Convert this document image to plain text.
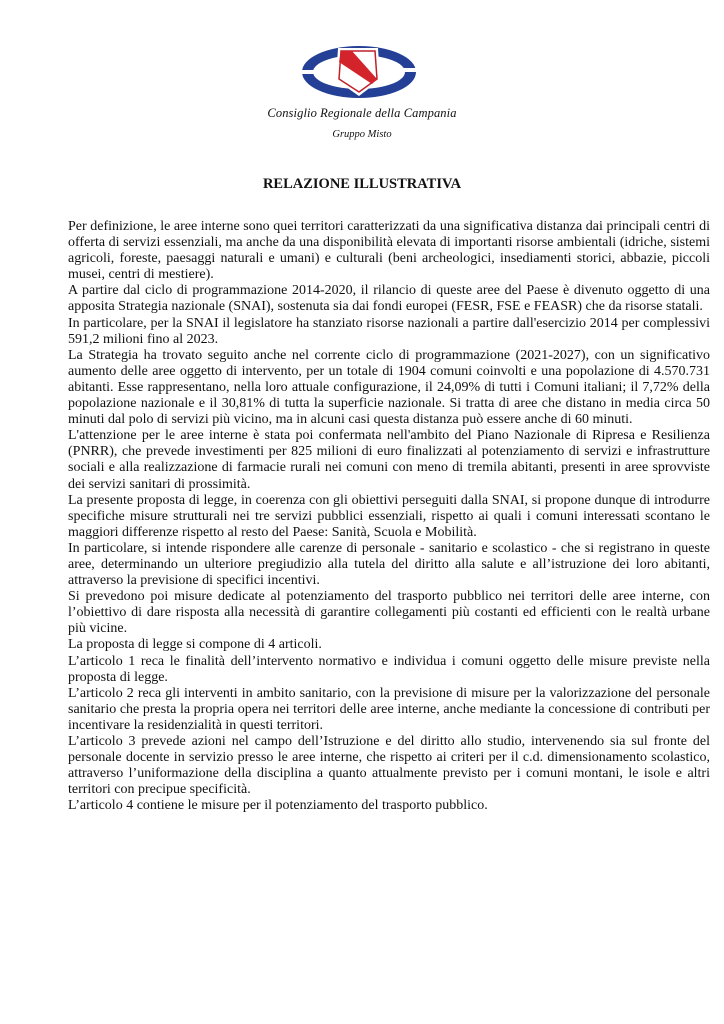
Consiglio Regionale della Campania
Gruppo Misto
RELAZIONE ILLUSTRATIVA

Per definizione, le aree interne sono quei territori caratterizzati da una significativa distanza dai principali centri di offerta di servizi essenziali, ma anche da una disponibilità elevata di importanti risorse ambientali (idriche, sistemi agricoli, foreste, paesaggi naturali e umani) e culturali (beni archeologici, insediamenti storici, abbazie, piccoli musei, centri di mestiere).

A partire dal ciclo di programmazione 2014-2020, il rilancio di queste aree del Paese è divenuto oggetto di una apposita Strategia nazionale (SNAI), sostenuta sia dai fondi europei (FESR, FSE e FEASR) che da risorse statali.

In particolare, per la SNAI il legislatore ha stanziato risorse nazionali a partire dall'esercizio 2014 per complessivi 591,2 milioni fino al 2023.

La Strategia ha trovato seguito anche nel corrente ciclo di programmazione (2021-2027), con un significativo aumento delle aree oggetto di intervento, per un totale di 1904 comuni coinvolti e una popolazione di 4.570.731 abitanti. Esse rappresentano, nella loro attuale configurazione, il 24,09% di tutti i Comuni italiani; il 7,72% della popolazione nazionale e il 30,81% di tutta la superficie nazionale. Si tratta di aree che distano in media circa 50 minuti dal polo di servizi più vicino, ma in alcuni casi questa distanza può essere anche di 60 minuti.

L'attenzione per le aree interne è stata poi confermata nell'ambito del Piano Nazionale di Ripresa e Resilienza (PNRR), che prevede investimenti per 825 milioni di euro finalizzati al potenziamento di servizi e infrastrutture sociali e alla realizzazione di farmacie rurali nei comuni con meno di tremila abitanti, presenti in aree sprovviste dei servizi sanitari di prossimità.

La presente proposta di legge, in coerenza con gli obiettivi perseguiti dalla SNAI, si propone dunque di introdurre specifiche misure strutturali nei tre servizi pubblici essenziali, rispetto ai quali i comuni interessati scontano le maggiori differenze rispetto al resto del Paese: Sanità, Scuola e Mobilità.

In particolare, si intende rispondere alle carenze di personale - sanitario e scolastico - che si registrano in queste aree, determinando un ulteriore pregiudizio alla tutela del diritto alla salute e all’istruzione dei loro abitanti, attraverso la previsione di specifici incentivi.

Si prevedono poi misure dedicate al potenziamento del trasporto pubblico nei territori delle aree interne, con l’obiettivo di dare risposta alla necessità di garantire collegamenti più costanti ed efficienti con le realtà urbane più vicine.

La proposta di legge si compone di 4 articoli.

L’articolo 1 reca le finalità dell’intervento normativo e individua i comuni oggetto delle misure previste nella proposta di legge.

L’articolo 2 reca gli interventi in ambito sanitario, con la previsione di misure per la valorizzazione del personale sanitario che presta la propria opera nei territori delle aree interne, anche mediante la concessione di contributi per incentivare la residenzialità in questi territori.

L’articolo 3 prevede azioni nel campo dell’Istruzione e del diritto allo studio, intervenendo sia sul fronte del personale docente in servizio presso le aree interne, che rispetto ai criteri per il c.d. dimensionamento scolastico, attraverso l’uniformazione della disciplina a quanto attualmente previsto per i comuni montani, le isole e altri territori con precipue specificità.

L’articolo 4 contiene le misure per il potenziamento del trasporto pubblico.
